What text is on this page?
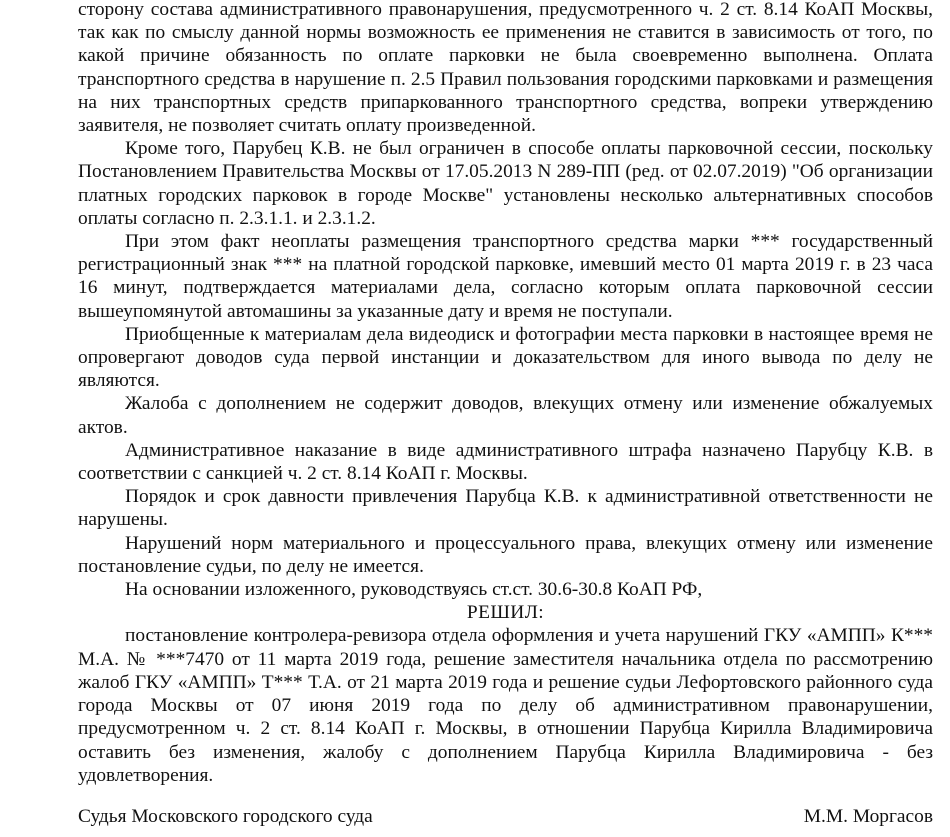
сторону состава административного правонарушения, предусмотренного ч. 2 ст. 8.14 КоАП Москвы, так как по смыслу данной нормы возможность ее применения не ставится в зависимость от того, по какой причине обязанность по оплате парковки не была своевременно выполнена. Оплата транспортного средства в нарушение п. 2.5 Правил пользования городскими парковками и размещения на них транспортных средств припаркованного транспортного средства, вопреки утверждению заявителя, не позволяет считать оплату произведенной.

Кроме того, Парубец К.В. не был ограничен в способе оплаты парковочной сессии, поскольку Постановлением Правительства Москвы от 17.05.2013 N 289-ПП (ред. от 02.07.2019) "Об организации платных городских парковок в городе Москве" установлены несколько альтернативных способов оплаты согласно п. 2.3.1.1. и 2.3.1.2.

При этом факт неоплаты размещения транспортного средства марки *** государственный регистрационный знак *** на платной городской парковке, имевший место 01 марта 2019 г. в 23 часа 16 минут, подтверждается материалами дела, согласно которым оплата парковочной сессии вышеупомянутой автомашины за указанные дату и время не поступали.

Приобщенные к материалам дела видеодиск и фотографии места парковки в настоящее время не опровергают доводов суда первой инстанции и доказательством для иного вывода по делу не являются.

Жалоба с дополнением не содержит доводов, влекущих отмену или изменение обжалуемых актов.

Административное наказание в виде административного штрафа назначено Парубцу К.В. в соответствии с санкцией ч. 2 ст. 8.14 КоАП г. Москвы.

Порядок и срок давности привлечения Парубца К.В. к административной ответственности не нарушены.

Нарушений норм материального и процессуального права, влекущих отмену или изменение постановление судьи, по делу не имеется.

На основании изложенного, руководствуясь ст.ст. 30.6-30.8 КоАП РФ,

РЕШИЛ:

постановление контролера-ревизора отдела оформления и учета нарушений ГКУ «АМПП» К*** М.А. № ***7470 от 11 марта 2019 года, решение заместителя начальника отдела по рассмотрению жалоб ГКУ «АМПП» Т*** Т.А. от 21 марта 2019 года и решение судьи Лефортовского районного суда города Москвы от 07 июня 2019 года по делу об административном правонарушении, предусмотренном ч. 2 ст. 8.14 КоАП г. Москвы, в отношении Парубца Кирилла Владимировича оставить без изменения, жалобу с дополнением Парубца Кирилла Владимировича - без удовлетворения.

Судья Московского городского суда	М.М. Моргасов
